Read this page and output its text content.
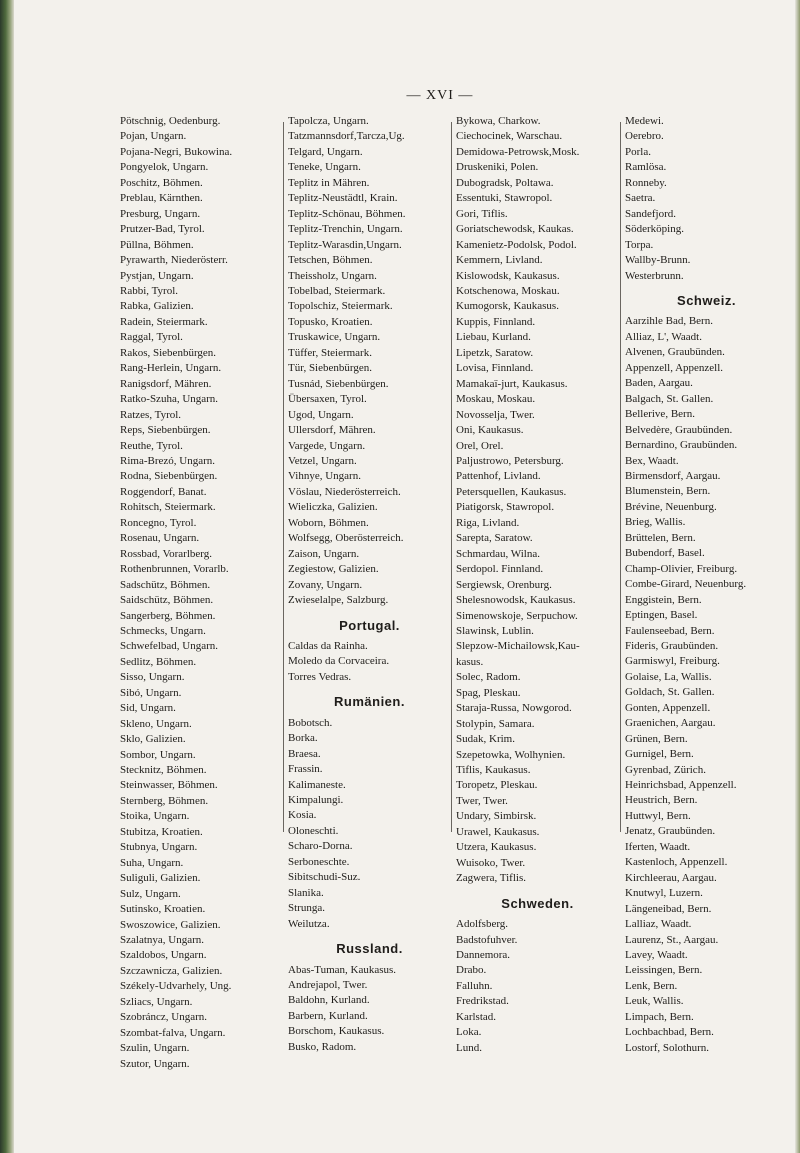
— XVI —
Pötschnig, Oedenburg.
Pojan, Ungarn.
Pojana-Negri, Bukowina.
Pongyelok, Ungarn.
Poschitz, Böhmen.
Preblau, Kärnthen.
Presburg, Ungarn.
Prutzer-Bad, Tyrol.
Püllna, Böhmen.
Pyrawarth, Niederösterr.
Pystjan, Ungarn.
Rabbi, Tyrol.
Rabka, Galizien.
Radein, Steiermark.
Raggal, Tyrol.
Rakos, Siebenbürgen.
Rang-Herlein, Ungarn.
Ranigsdorf, Mähren.
Ratko-Szuha, Ungarn.
Ratzes, Tyrol.
Reps, Siebenbürgen.
Reuthe, Tyrol.
Rima-Brezó, Ungarn.
Rodna, Siebenbürgen.
Roggendorf, Banat.
Rohitsch, Steiermark.
Roncegno, Tyrol.
Rosenau, Ungarn.
Rossbad, Vorarlberg.
Rothenbrunnen, Vorarlb.
Sadschütz, Böhmen.
Saidschütz, Böhmen.
Sangerberg, Böhmen.
Schmecks, Ungarn.
Schwefelbad, Ungarn.
Sedlitz, Böhmen.
Sisso, Ungarn.
Sibó, Ungarn.
Sid, Ungarn.
Skleno, Ungarn.
Sklo, Galizien.
Sombor, Ungarn.
Stecknitz, Böhmen.
Steinwasser, Böhmen.
Sternberg, Böhmen.
Stoika, Ungarn.
Stubitza, Kroatien.
Stubnya, Ungarn.
Suha, Ungarn.
Suliguli, Galizien.
Sulz, Ungarn.
Sutinsko, Kroatien.
Swoszowice, Galizien.
Szalatnya, Ungarn.
Szaldobos, Ungarn.
Szczawnicza, Galizien.
Székely-Udvarhely, Ung.
Szliacs, Ungarn.
Szobráncz, Ungarn.
Szombat-falva, Ungarn.
Szulin, Ungarn.
Szutor, Ungarn.
Tapolcza, Ungarn.
Tatzmannsdorf,Tarcza,Ug.
Telgard, Ungarn.
Teneke, Ungarn.
Teplitz in Mähren.
Teplitz-Neustädtl, Krain.
Teplitz-Schönau, Böhmen.
Teplitz-Trenchin, Ungarn.
Teplitz-Warasdin,Ungarn.
Tetschen, Böhmen.
Theissholz, Ungarn.
Tobelbad, Steiermark.
Topolschiz, Steiermark.
Topusko, Kroatien.
Truskawice, Ungarn.
Tüffer, Steiermark.
Tür, Siebenbürgen.
Tusnád, Siebenbürgen.
Übersaxen, Tyrol.
Ugod, Ungarn.
Ullersdorf, Mähren.
Vargede, Ungarn.
Vetzel, Ungarn.
Vihnye, Ungarn.
Vöslau, Niederösterreich.
Wieliczka, Galizien.
Woborn, Böhmen.
Wolfsegg, Oberösterreich.
Zaison, Ungarn.
Zegiestow, Galizien.
Zovany, Ungarn.
Zwieselalpe, Salzburg.
Portugal.
Caldas da Rainha.
Moledo da Corvaceira.
Torres Vedras.
Rumänien.
Bobotsch.
Borka.
Braesa.
Frassin.
Kalimaneste.
Kimpalungi.
Kosia.
Oloneschti.
Scharo-Dorna.
Serboneschte.
Sibitschudi-Suz.
Slanika.
Strunga.
Weilutza.
Russland.
Abas-Tuman, Kaukasus.
Andrejapol, Twer.
Baldohn, Kurland.
Barbern, Kurland.
Borschom, Kaukasus.
Busko, Radom.
Bykowa, Charkow.
Ciechocinek, Warschau.
Demidowa-Petrowsk,Mosk.
Druskeniki, Polen.
Dubogradsk, Poltawa.
Essentuki, Stawropol.
Gori, Tiflis.
Goriatschewodsk, Kaukas.
Kamenietz-Podolsk, Podol.
Kemmern, Livland.
Kislowodsk, Kaukasus.
Kotschenowa, Moskau.
Kumogorsk, Kaukasus.
Kuppis, Finnland.
Liebau, Kurland.
Lipetzk, Saratow.
Lovisa, Finnland.
Mamakaï-jurt, Kaukasus.
Moskau, Moskau.
Novosselja, Twer.
Oni, Kaukasus.
Orel, Orel.
Paljustrowo, Petersburg.
Pattenhof, Livland.
Petersquellen, Kaukasus.
Piatigorsk, Stawropol.
Riga, Livland.
Sarepta, Saratow.
Schmardau, Wilna.
Serdopol. Finnland.
Sergiewsk, Orenburg.
Shelesnowodsk, Kaukasus.
Simenowskoje, Serpuchow.
Slawinsk, Lublin.
Slepzow-Michailowsk,Kau-
kasus.
Solec, Radom.
Spag, Pleskau.
Staraja-Russa, Nowgorod.
Stolypin, Samara.
Sudak, Krim.
Szepetowka, Wolhynien.
Tiflis, Kaukasus.
Toropetz, Pleskau.
Twer, Twer.
Undary, Simbirsk.
Urawel, Kaukasus.
Utzera, Kaukasus.
Wuisoko, Twer.
Zagwera, Tiflis.
Schweden.
Adolfsberg.
Badstofuhver.
Dannemora.
Drabo.
Falluhn.
Fredrikstad.
Karlstad.
Loka.
Lund.
Medewi.
Oerebro.
Porla.
Ramlösa.
Ronneby.
Saetra.
Sandefjord.
Söderköping.
Torpa.
Wallby-Brunn.
Westerbrunn.
Schweiz.
Aarzihle Bad, Bern.
Alliaz, L', Waadt.
Alvenen, Graubünden.
Appenzell, Appenzell.
Baden, Aargau.
Balgach, St. Gallen.
Bellerive, Bern.
Belvedère, Graubünden.
Bernardino, Graubünden.
Bex, Waadt.
Birmensdorf, Aargau.
Blumenstein, Bern.
Brévine, Neuenburg.
Brieg, Wallis.
Brüttelen, Bern.
Bubendorf, Basel.
Champ-Olivier, Freiburg.
Combe-Girard, Neuenburg.
Enggistein, Bern.
Eptingen, Basel.
Faulenseebad, Bern.
Fideris, Graubünden.
Garmiswyl, Freiburg.
Golaise, La, Wallis.
Goldach, St. Gallen.
Gonten, Appenzell.
Graenichen, Aargau.
Grünen, Bern.
Gurnigel, Bern.
Gyrenbad, Zürich.
Heinrichsbad, Appenzell.
Heustrich, Bern.
Huttwyl, Bern.
Jenatz, Graubünden.
Iferten, Waadt.
Kastenloch, Appenzell.
Kirchleerau, Aargau.
Knutwyl, Luzern.
Längeneibad, Bern.
Lalliaz, Waadt.
Laurenz, St., Aargau.
Lavey, Waadt.
Leissingen, Bern.
Lenk, Bern.
Leuk, Wallis.
Limpach, Bern.
Lochbachbad, Bern.
Lostorf, Solothurn.
